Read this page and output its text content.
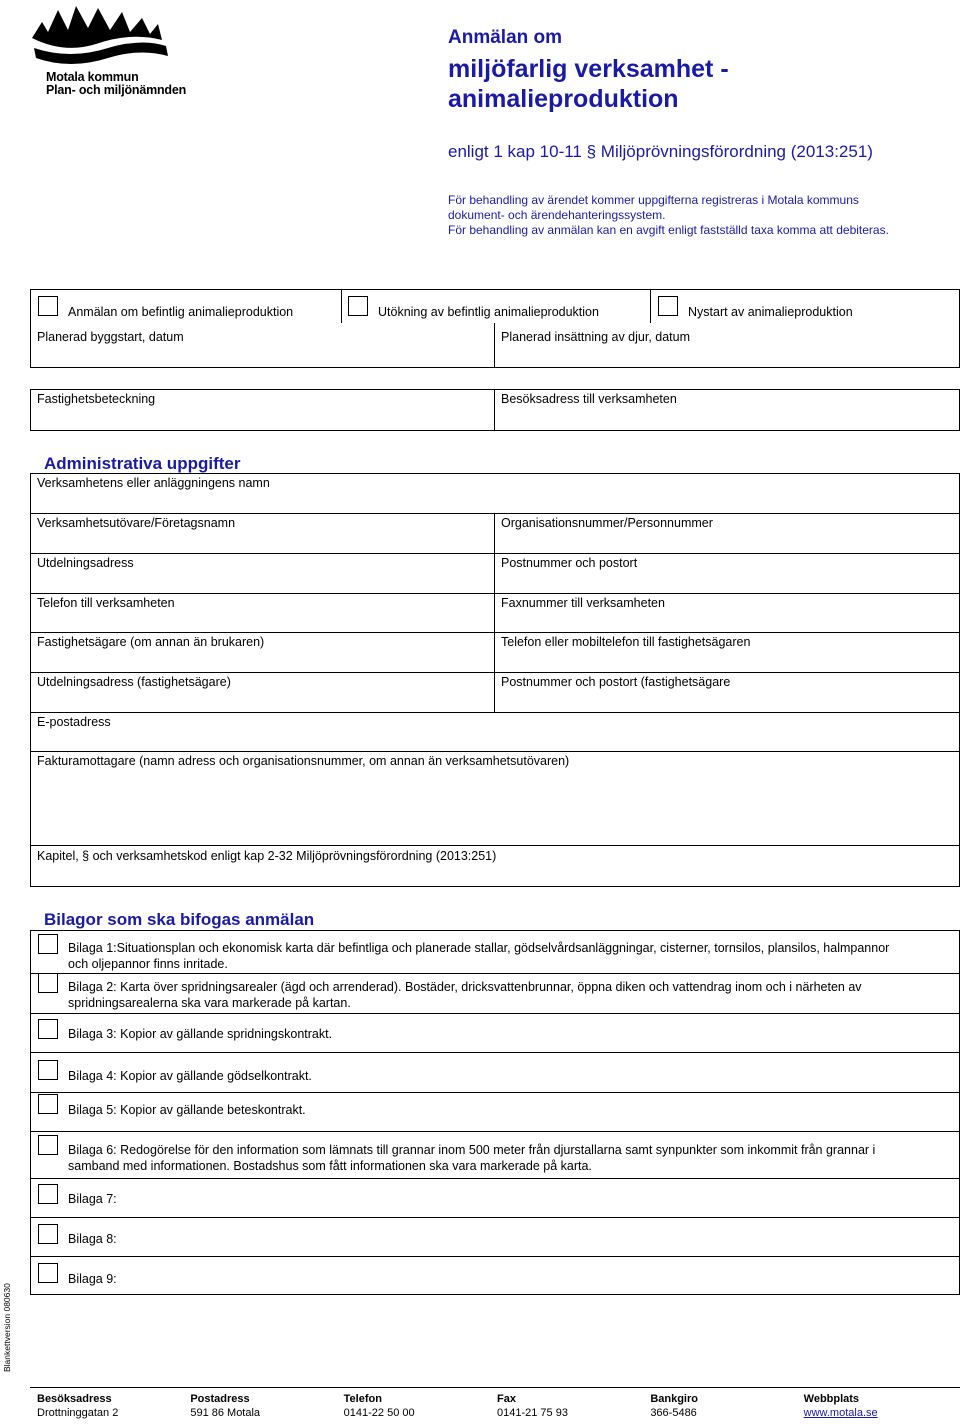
Motala kommun
Plan- och miljönämnden
Anmälan om
miljöfarlig verksamhet -
animalieproduktion
enligt 1 kap 10-11 § Miljöprövningsförordning (2013:251)
För behandling av ärendet kommer uppgifterna registreras i Motala kommuns
dokument- och ärendehanteringssystem.
För behandling av anmälan kan en avgift enligt fastställd taxa komma att debiteras.
Anmälan om befintlig animalieproduktion	Utökning av befintlig animalieproduktion	Nystart av animalieproduktion
Planerad byggstart, datum	Planerad insättning av djur, datum
Fastighetsbeteckning	Besöksadress till verksamheten
Administrativa uppgifter
Verksamhetens eller anläggningens namn
Verksamhetsutövare/Företagsnamn	Organisationsnummer/Personnummer
Utdelningsadress	Postnummer och postort
Telefon till verksamheten	Faxnummer till verksamheten
Fastighetsägare (om annan än brukaren)	Telefon eller mobiltelefon till fastighetsägaren
Utdelningsadress (fastighetsägare)	Postnummer och postort (fastighetsägare
E-postadress
Fakturamottagare (namn adress och organisationsnummer, om annan än verksamhetsutövaren)
Kapitel, § och verksamhetskod enligt kap 2-32 Miljöprövningsförordning (2013:251)
Bilagor som ska bifogas anmälan
Bilaga 1:Situationsplan och ekonomisk karta där befintliga och planerade stallar, gödselvårdsanläggningar, cisterner, tornsilos, plansilos, halmpannor
och oljepannor finns inritade.
Bilaga 2: Karta över spridningsarealer (ägd och arrenderad). Bostäder, dricksvattenbrunnar, öppna diken och vattendrag inom och i närheten av
spridningsarealerna ska vara markerade på kartan.
Bilaga 3: Kopior av gällande spridningskontrakt.
Bilaga 4: Kopior av gällande gödselkontrakt.
Bilaga 5: Kopior av gällande beteskontrakt.
Bilaga 6: Redogörelse för den information som lämnats till grannar inom 500 meter från djurstallarna samt synpunkter som inkommit från grannar i
samband med informationen. Bostadshus som fått informationen ska vara markerade på karta.
Bilaga 7:
Bilaga 8:
Bilaga 9:
Blankettversion 080630
Besöksadress
Drottninggatan 2
Postadress
591 86 Motala
Telefon
0141-22 50 00
Fax
0141-21 75 93
Bankgiro
366-5486
Webbplats
www.motala.se
